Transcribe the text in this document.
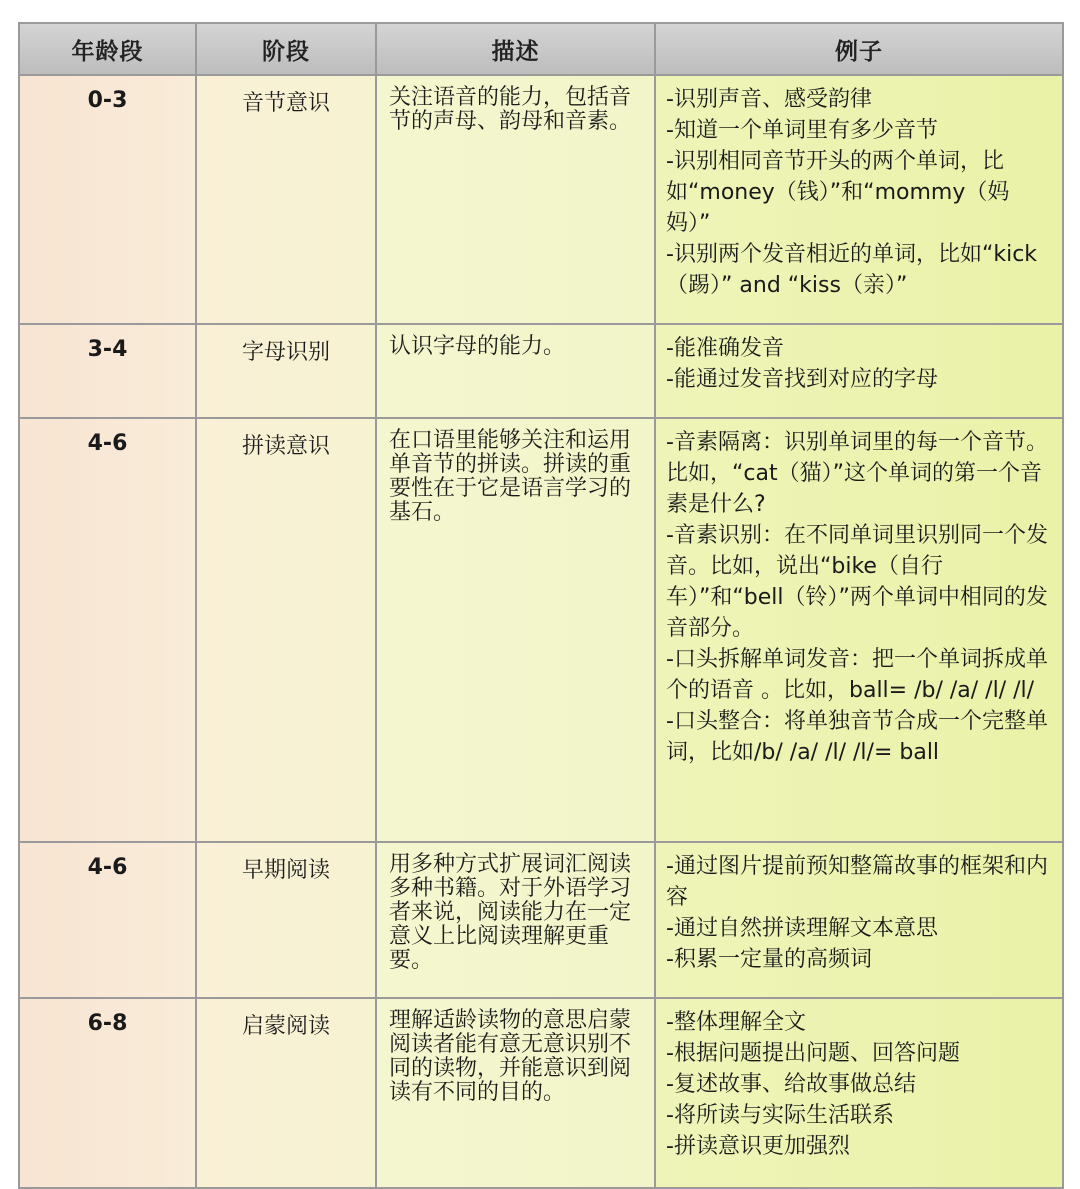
年龄段	阶段	描述	例子
0-3	音节意识	关注语音的能力，包括音节的声母、韵母和音素。	-识别声音、感受韵律
-知道一个单词里有多少音节
-识别相同音节开头的两个单词，比如“money（钱）”和“mommy（妈妈）”
-识别两个发音相近的单词，比如“kick（踢）” and “kiss（亲）”

3-4	字母识别	认识字母的能力。	-能准确发音
-能通过发音找到对应的字母

4-6	拼读意识	在口语里能够关注和运用单音节的拼读。拼读的重要性在于它是语言学习的基石。	-音素隔离：识别单词里的每一个音节。 比如，“cat（猫）”这个单词的第一个音素是什么?
-音素识别：在不同单词里识别同一个发音。比如，说出“bike（自行车）”和“bell（铃）”两个单词中相同的发音部分。
-口头拆解单词发音：把一个单词拆成单个的语音 。比如，ball= /b/ /a/ /l/ /l/
-口头整合：将单独音节合成一个完整单词，比如/b/ /a/ /l/ /l/= ball

4-6	早期阅读	用多种方式扩展词汇阅读多种书籍。对于外语学习者来说，阅读能力在一定意义上比阅读理解更重要。	-通过图片提前预知整篇故事的框架和内容
-通过自然拼读理解文本意思
-积累一定量的高频词

6-8	启蒙阅读	理解适龄读物的意思启蒙阅读者能有意无意识别不同的读物，并能意识到阅读有不同的目的。	-整体理解全文
-根据问题提出问题、回答问题
-复述故事、给故事做总结
-将所读与实际生活联系
-拼读意识更加强烈
